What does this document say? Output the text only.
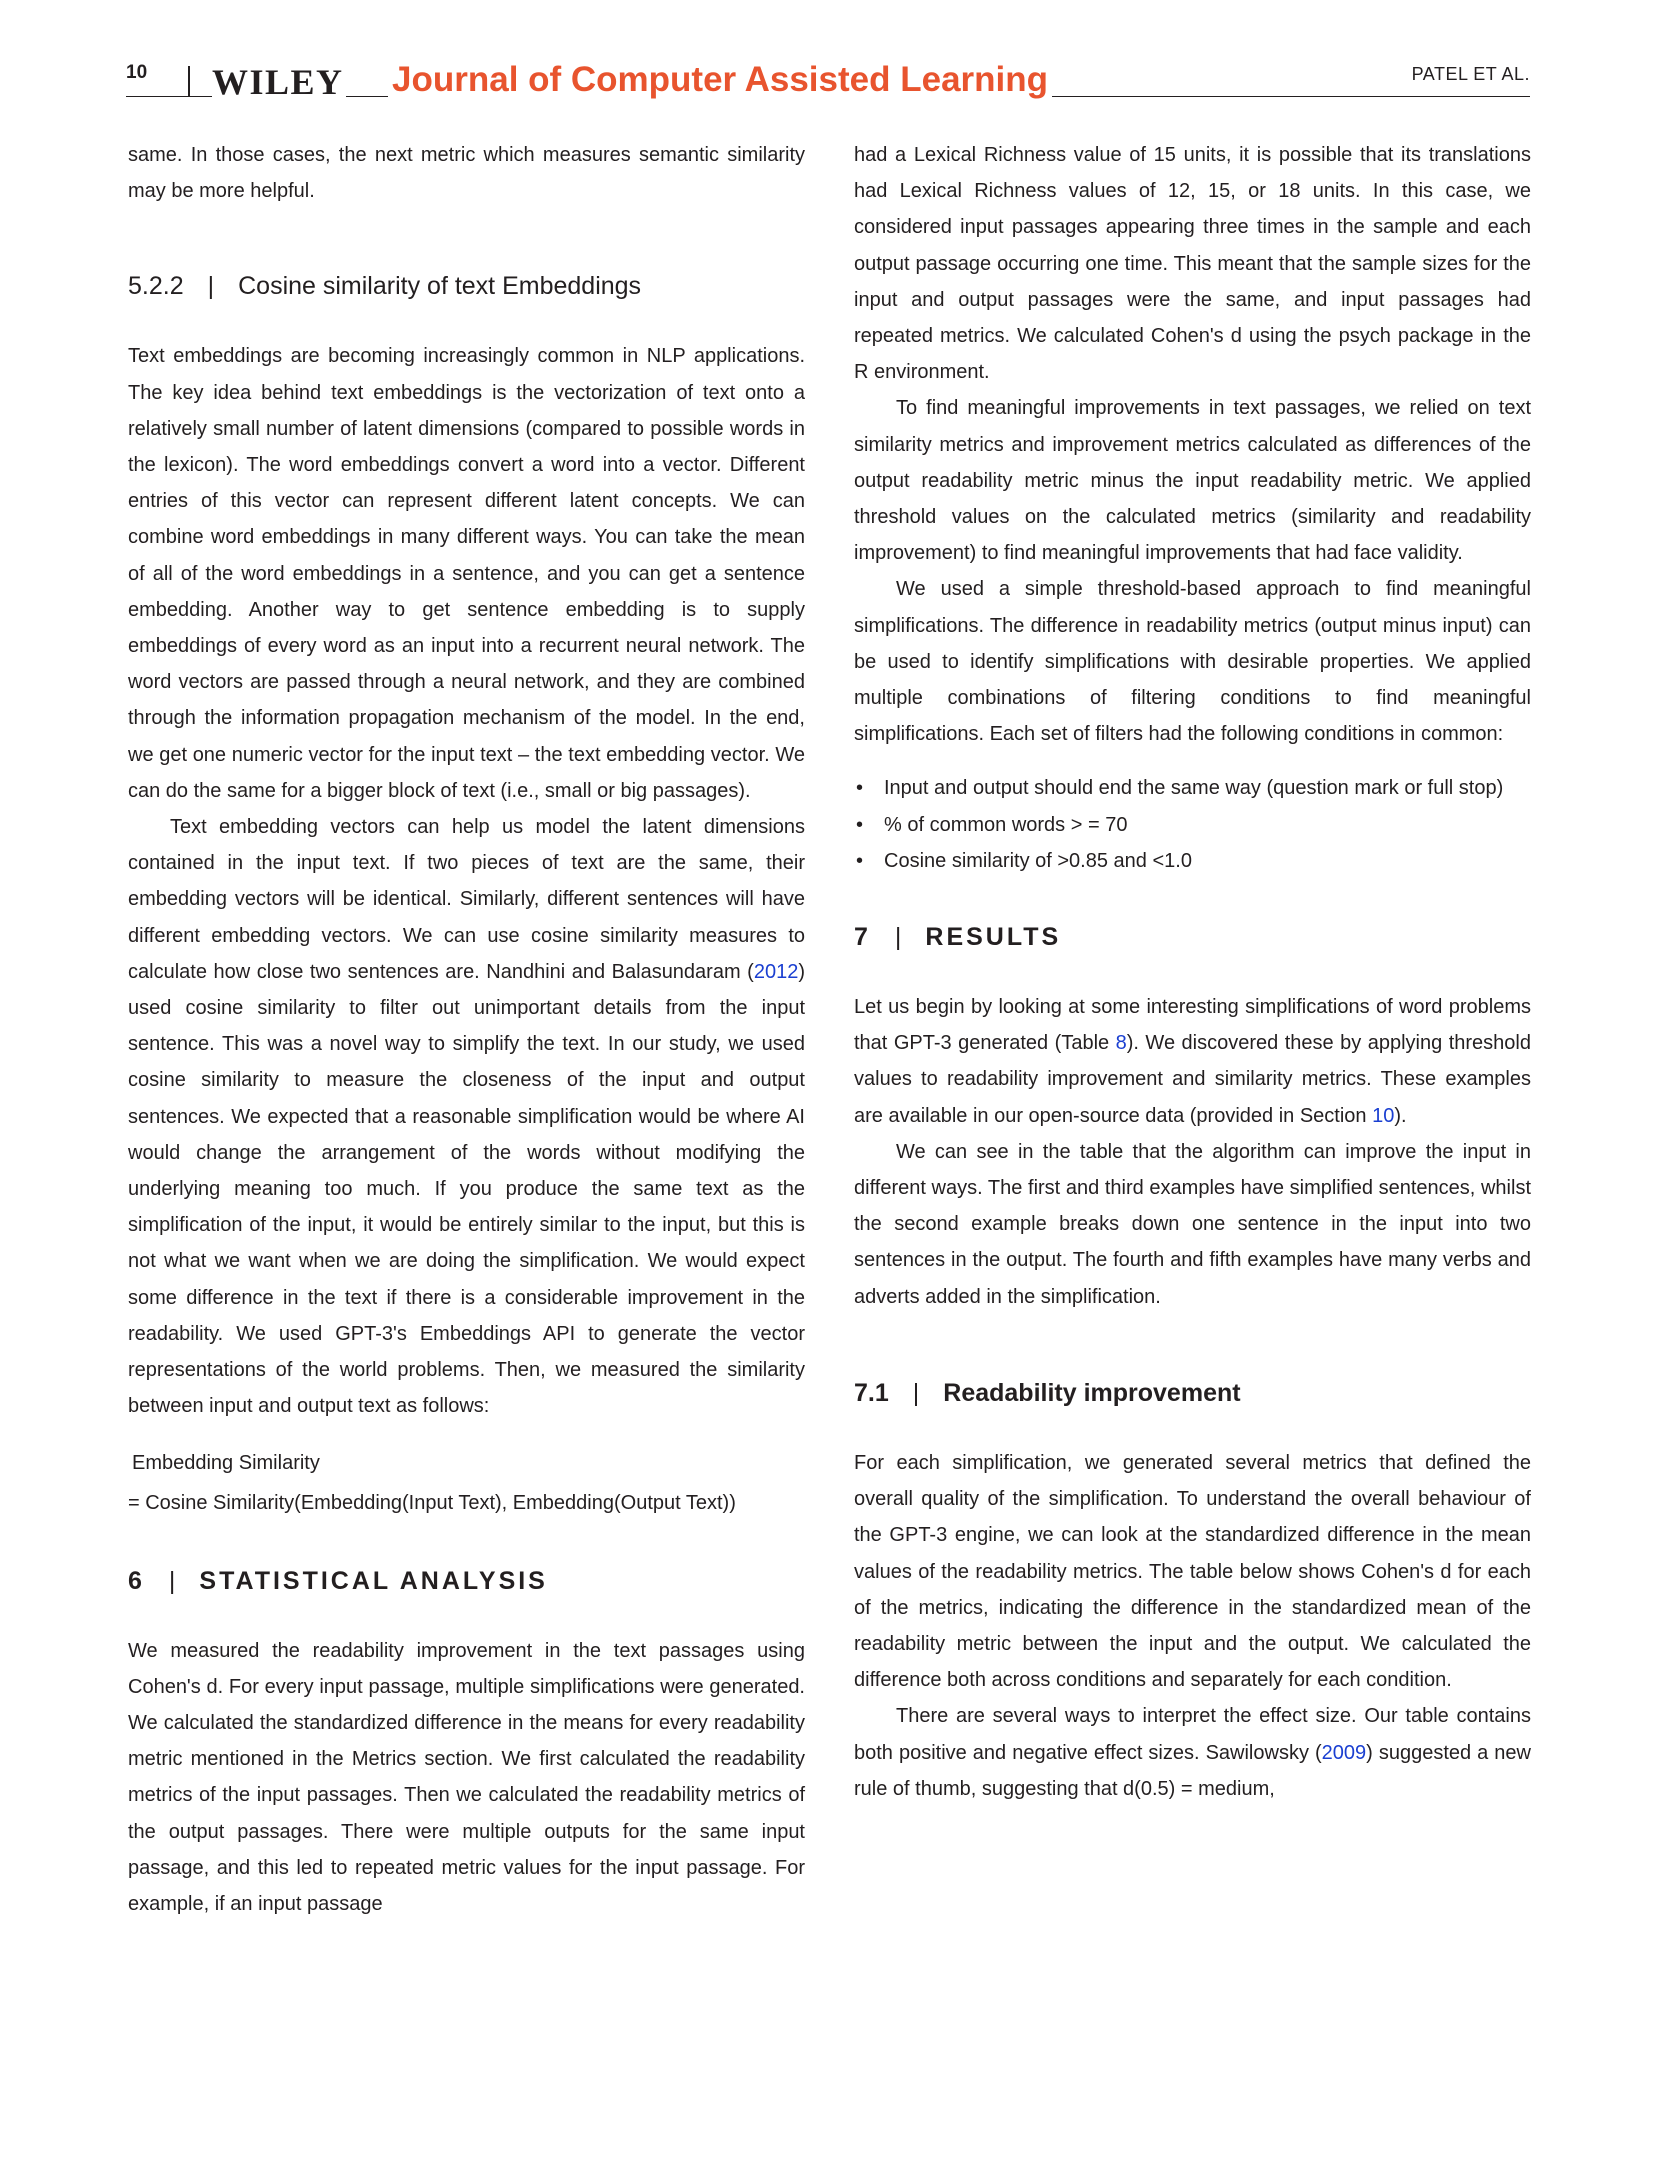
10 WILEY Journal of Computer Assisted Learning	PATEL ET AL.

same. In those cases, the next metric which measures semantic similarity may be more helpful.

5.2.2 | Cosine similarity of text Embeddings

Text embeddings are becoming increasingly common in NLP applications. The key idea behind text embeddings is the vectorization of text onto a relatively small number of latent dimensions (compared to possible words in the lexicon). The word embeddings convert a word into a vector. Different entries of this vector can represent different latent concepts. We can combine word embeddings in many different ways. You can take the mean of all of the word embeddings in a sentence, and you can get a sentence embedding. Another way to get sentence embedding is to supply embeddings of every word as an input into a recurrent neural network. The word vectors are passed through a neural network, and they are combined through the information propagation mechanism of the model. In the end, we get one numeric vector for the input text – the text embedding vector. We can do the same for a bigger block of text (i.e., small or big passages).

Text embedding vectors can help us model the latent dimensions contained in the input text. If two pieces of text are the same, their embedding vectors will be identical. Similarly, different sentences will have different embedding vectors. We can use cosine similarity measures to calculate how close two sentences are. Nandhini and Balasundaram (2012) used cosine similarity to filter out unimportant details from the input sentence. This was a novel way to simplify the text. In our study, we used cosine similarity to measure the closeness of the input and output sentences. We expected that a reasonable simplification would be where AI would change the arrangement of the words without modifying the underlying meaning too much. If you produce the same text as the simplification of the input, it would be entirely similar to the input, but this is not what we want when we are doing the simplification. We would expect some difference in the text if there is a considerable improvement in the readability. We used GPT-3's Embeddings API to generate the vector representations of the world problems. Then, we measured the similarity between input and output text as follows:

Embedding Similarity
= Cosine Similarity(Embedding(Input Text), Embedding(Output Text))
6 | STATISTICAL ANALYSIS

We measured the readability improvement in the text passages using Cohen's d. For every input passage, multiple simplifications were generated. We calculated the standardized difference in the means for every readability metric mentioned in the Metrics section. We first calculated the readability metrics of the input passages. Then we calculated the readability metrics of the output passages. There were multiple outputs for the same input passage, and this led to repeated metric values for the input passage. For example, if an input passage

had a Lexical Richness value of 15 units, it is possible that its translations had Lexical Richness values of 12, 15, or 18 units. In this case, we considered input passages appearing three times in the sample and each output passage occurring one time. This meant that the sample sizes for the input and output passages were the same, and input passages had repeated metrics. We calculated Cohen's d using the psych package in the R environment.

To find meaningful improvements in text passages, we relied on text similarity metrics and improvement metrics calculated as differences of the output readability metric minus the input readability metric. We applied threshold values on the calculated metrics (similarity and readability improvement) to find meaningful improvements that had face validity.

We used a simple threshold-based approach to find meaningful simplifications. The difference in readability metrics (output minus input) can be used to identify simplifications with desirable properties. We applied multiple combinations of filtering conditions to find meaningful simplifications. Each set of filters had the following conditions in common:

• Input and output should end the same way (question mark or full stop)
• % of common words > = 70
• Cosine similarity of >0.85 and <1.0
7 | RESULTS

Let us begin by looking at some interesting simplifications of word problems that GPT-3 generated (Table 8). We discovered these by applying threshold values to readability improvement and similarity metrics. These examples are available in our open-source data (provided in Section 10).

We can see in the table that the algorithm can improve the input in different ways. The first and third examples have simplified sentences, whilst the second example breaks down one sentence in the input into two sentences in the output. The fourth and fifth examples have many verbs and adverts added in the simplification.

7.1 | Readability improvement

For each simplification, we generated several metrics that defined the overall quality of the simplification. To understand the overall behaviour of the GPT-3 engine, we can look at the standardized difference in the mean values of the readability metrics. The table below shows Cohen's d for each of the metrics, indicating the difference in the standardized mean of the readability metric between the input and the output. We calculated the difference both across conditions and separately for each condition.

There are several ways to interpret the effect size. Our table contains both positive and negative effect sizes. Sawilowsky (2009) suggested a new rule of thumb, suggesting that d(0.5) = medium,
